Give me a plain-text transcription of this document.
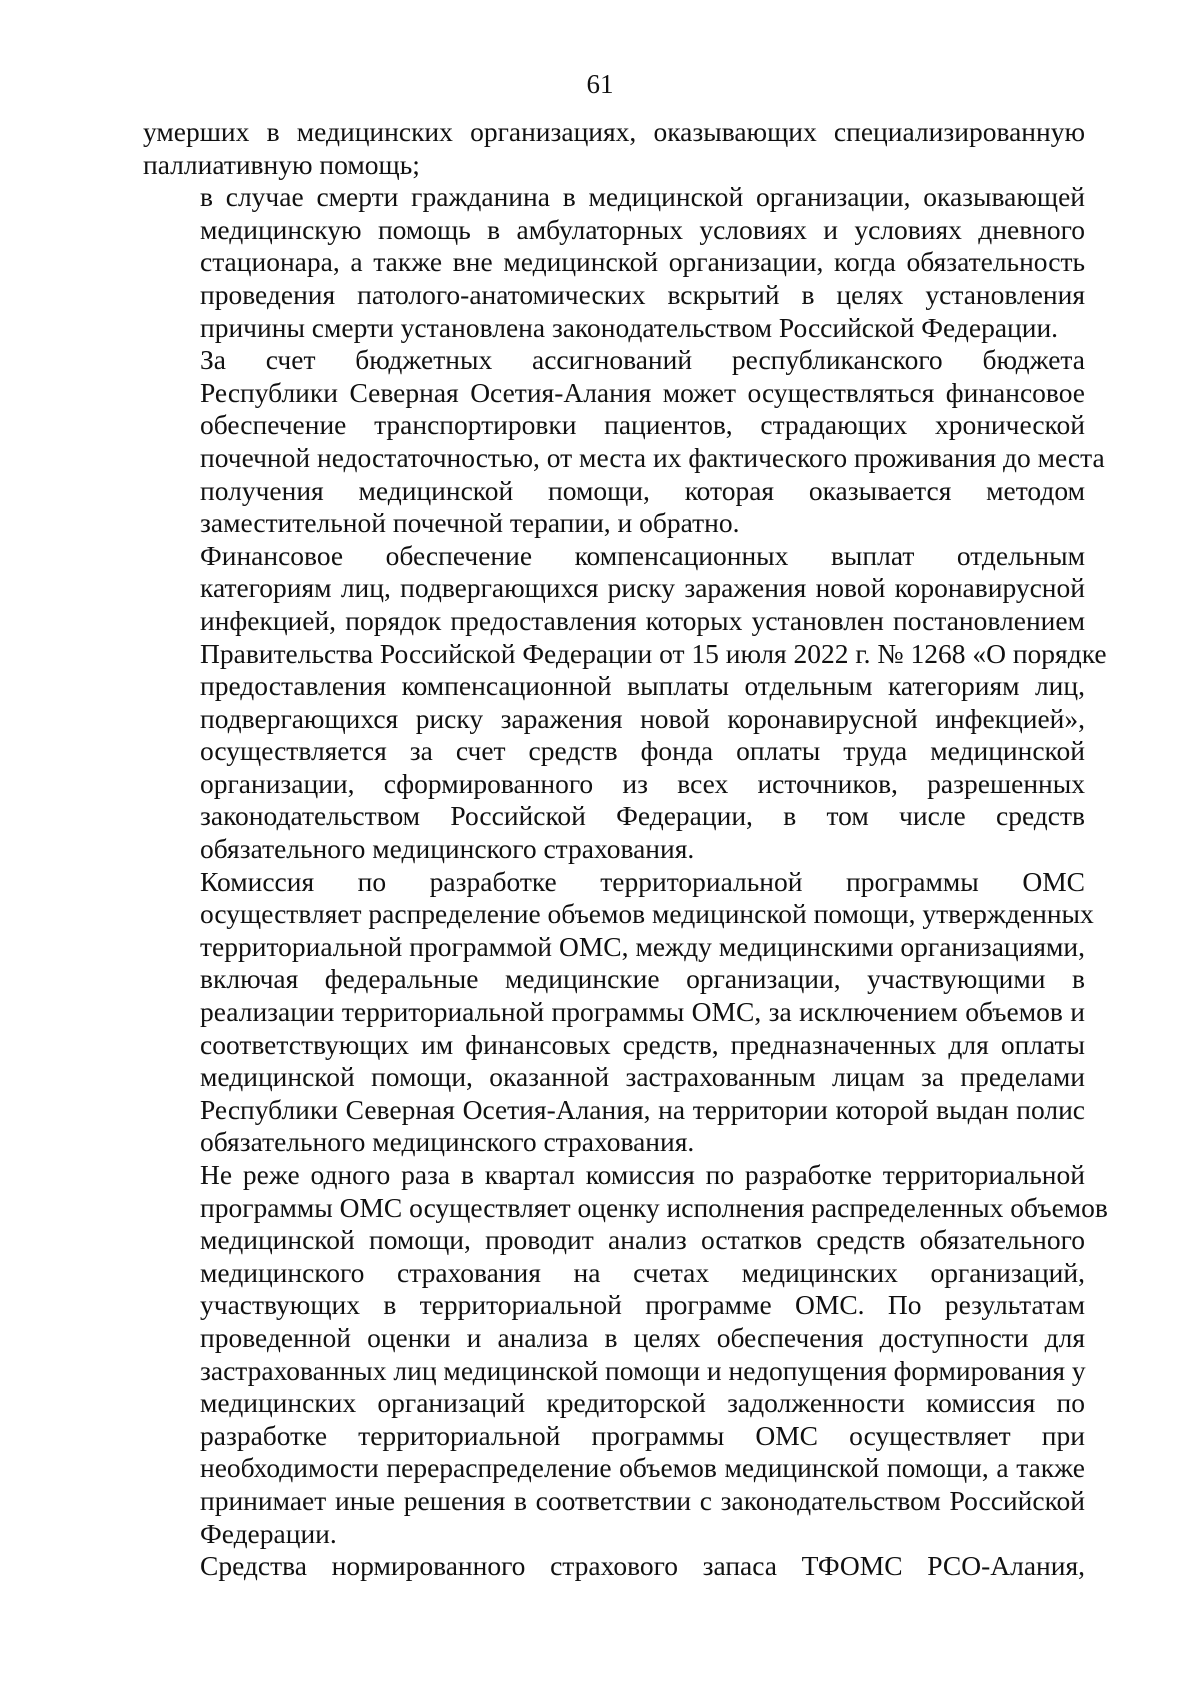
61
умерших в медицинских организациях, оказывающих специализированную
паллиативную помощь;
в случае смерти гражданина в медицинской организации, оказывающей
медицинскую помощь в амбулаторных условиях и условиях дневного
стационара, а также вне медицинской организации, когда обязательность
проведения патолого-анатомических вскрытий в целях установления
причины смерти установлена законодательством Российской Федерации.
За счет бюджетных ассигнований республиканского бюджета
Республики Северная Осетия-Алания может осуществляться финансовое
обеспечение транспортировки пациентов, страдающих хронической
почечной недостаточностью, от места их фактического проживания до места
получения медицинской помощи, которая оказывается методом
заместительной почечной терапии, и обратно.
Финансовое обеспечение компенсационных выплат отдельным
категориям лиц, подвергающихся риску заражения новой коронавирусной
инфекцией, порядок предоставления которых установлен постановлением
Правительства Российской Федерации от 15 июля 2022 г. № 1268 «О порядке
предоставления компенсационной выплаты отдельным категориям лиц,
подвергающихся риску заражения новой коронавирусной инфекцией»,
осуществляется за счет средств фонда оплаты труда медицинской
организации, сформированного из всех источников, разрешенных
законодательством Российской Федерации, в том числе средств
обязательного медицинского страхования.
Комиссия по разработке территориальной программы ОМС
осуществляет распределение объемов медицинской помощи, утвержденных
территориальной программой ОМС, между медицинскими организациями,
включая федеральные медицинские организации, участвующими в
реализации территориальной программы ОМС, за исключением объемов и
соответствующих им финансовых средств, предназначенных для оплаты
медицинской помощи, оказанной застрахованным лицам за пределами
Республики Северная Осетия-Алания, на территории которой выдан полис
обязательного медицинского страхования.
Не реже одного раза в квартал комиссия по разработке территориальной
программы ОМС осуществляет оценку исполнения распределенных объемов
медицинской помощи, проводит анализ остатков средств обязательного
медицинского страхования на счетах медицинских организаций,
участвующих в территориальной программе ОМС. По результатам
проведенной оценки и анализа в целях обеспечения доступности для
застрахованных лиц медицинской помощи и недопущения формирования у
медицинских организаций кредиторской задолженности комиссия по
разработке территориальной программы ОМС осуществляет при
необходимости перераспределение объемов медицинской помощи, а также
принимает иные решения в соответствии с законодательством Российской
Федерации.
Средства нормированного страхового запаса ТФОМС РСО-Алания,
